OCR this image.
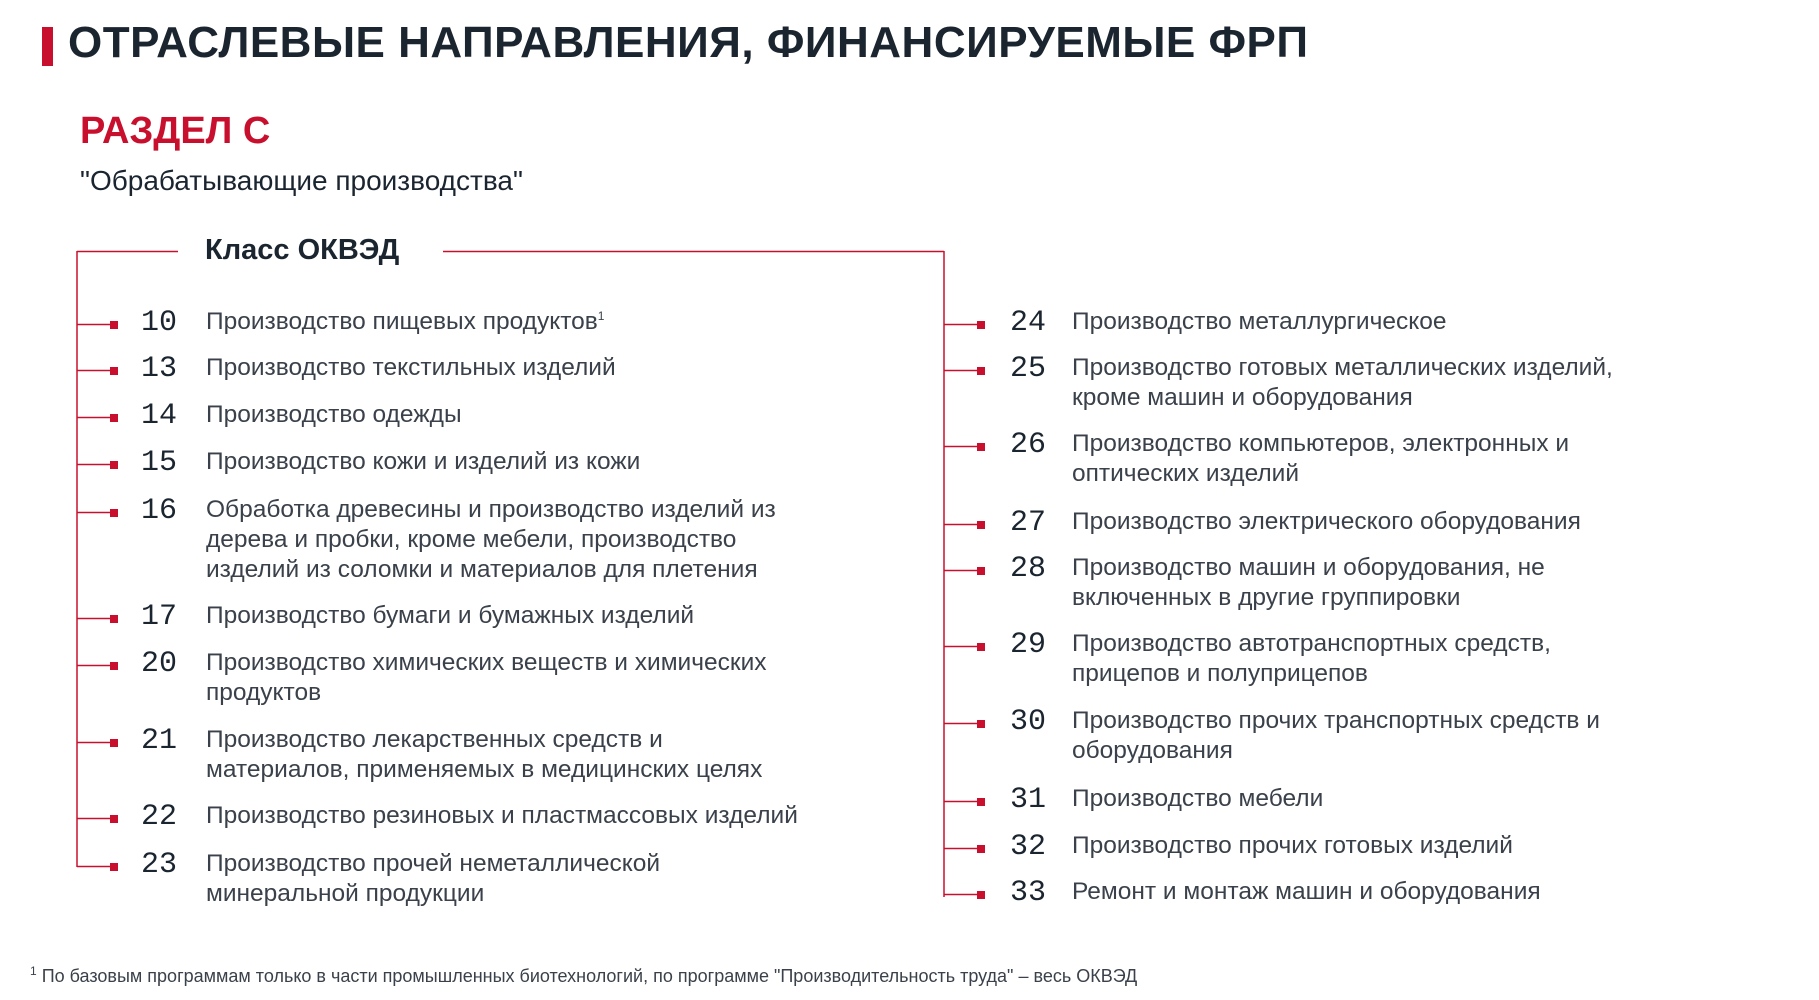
ОТРАСЛЕВЫЕ НАПРАВЛЕНИЯ, ФИНАНСИРУЕМЫЕ ФРП
РАЗДЕЛ С
"Обрабатывающие производства"
Класс ОКВЭД
10 Производство пищевых продуктов$^1$
13 Производство текстильных изделий
14 Производство одежды
15 Производство кожи и изделий из кожи
16 Обработка древесины и производство изделий из
дерева и пробки, кроме мебели, производство
изделий из соломки и материалов для плетения
17 Производство бумаги и бумажных изделий
20 Производство химических веществ и химических
продуктов
21 Производство лекарственных средств и
материалов, применяемых в медицинских целях
22 Производство резиновых и пластмассовых изделий
23 Производство прочей неметаллической
минеральной продукции
24 Производство металлургическое
25 Производство готовых металлических изделий,
кроме машин и оборудования
26 Производство компьютеров, электронных и
оптических изделий
27 Производство электрического оборудования
28 Производство машин и оборудования, не
включенных в другие группировки
29 Производство автотранспортных средств,
прицепов и полуприцепов
30 Производство прочих транспортных средств и
оборудования
31 Производство мебели
32 Производство прочих готовых изделий
33 Ремонт и монтаж машин и оборудования
$^1$ По базовым программам только в части промышленных биотехнологий, по программе "Производительность труда" – весь ОКВЭД
